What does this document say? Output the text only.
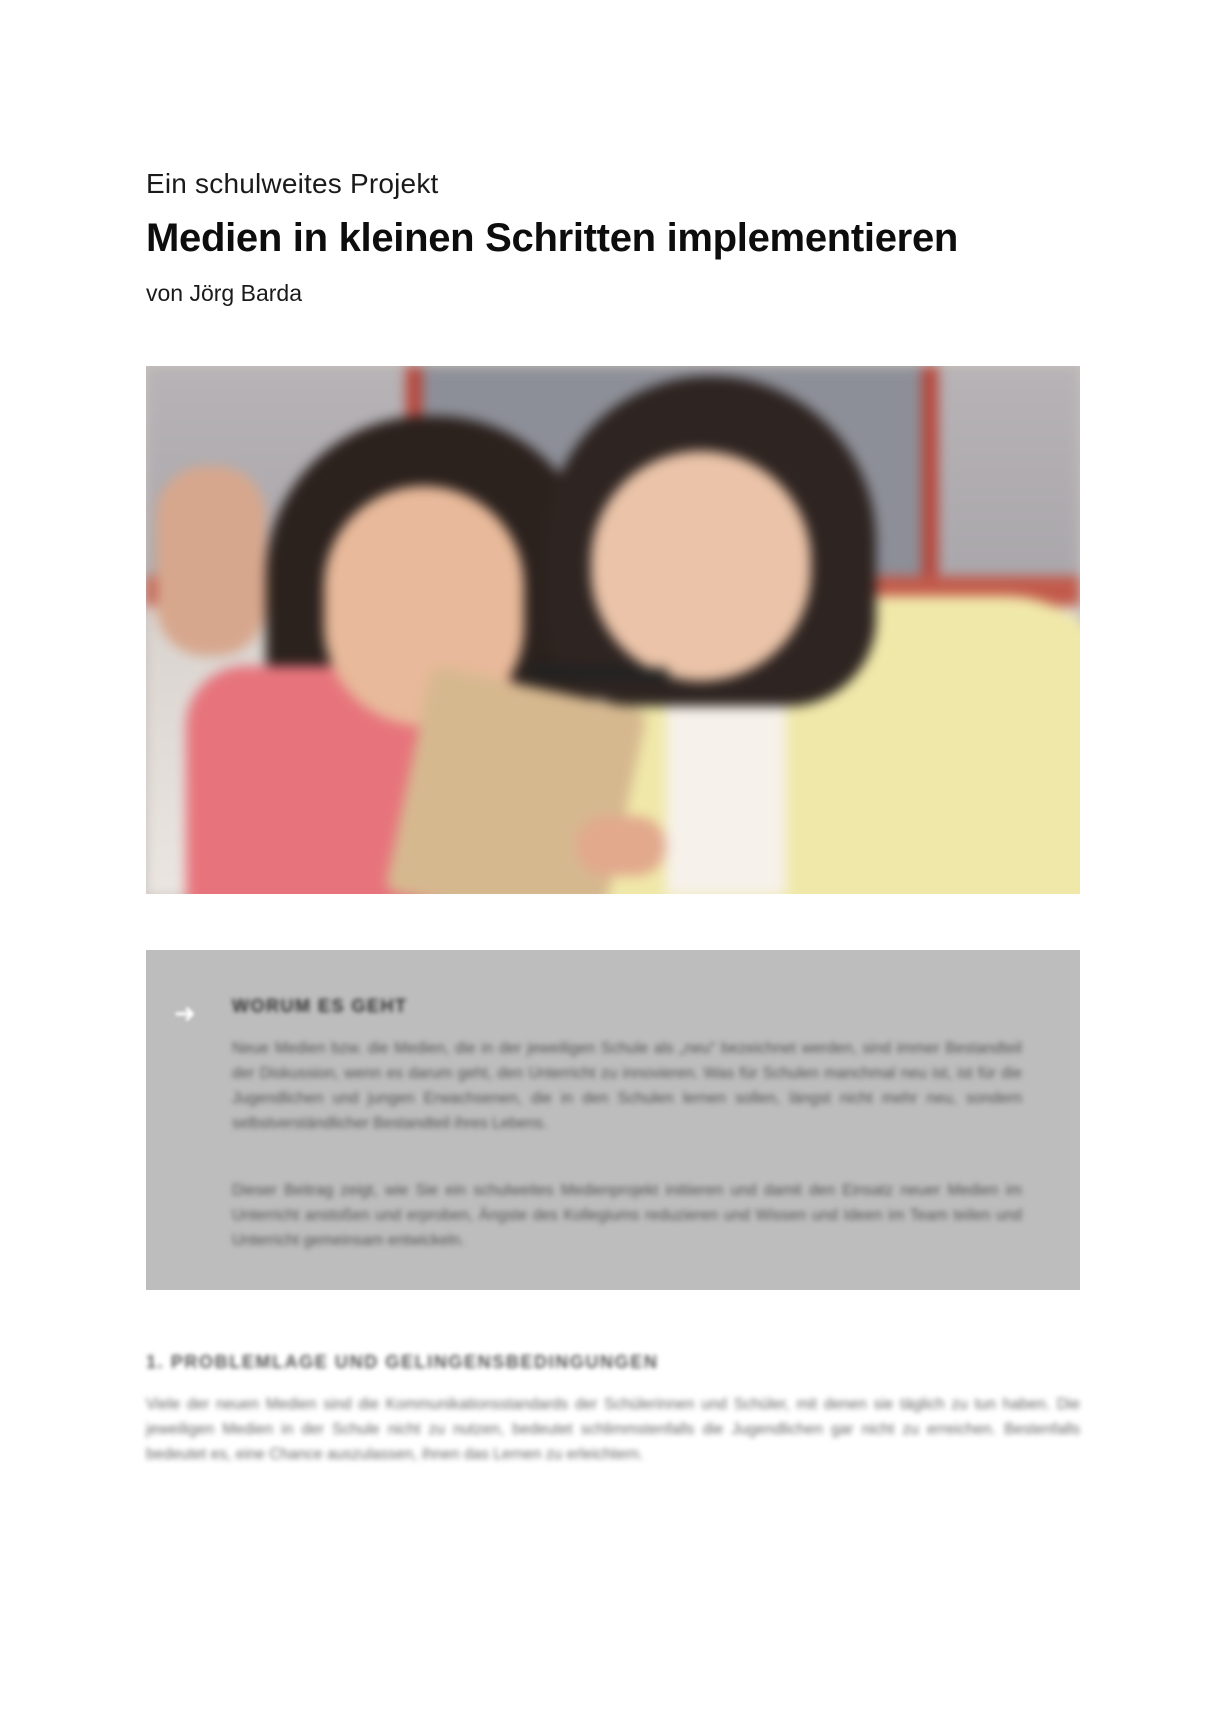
Ein schulweites Projekt
Medien in kleinen Schritten implementieren
von Jörg Barda
➜ WORUM ES GEHT
Neue Medien bzw. die Medien, die in der jeweiligen Schule als „neu“ bezeichnet werden, sind immer Bestandteil der Diskussion, wenn es darum geht, den Unterricht zu innovieren. Was für Schulen manchmal neu ist, ist für die Jugendlichen und jungen Erwachsenen, die in den Schulen lernen sollen, längst nicht mehr neu, sondern selbstverständlicher Bestandteil ihres Lebens.
Dieser Beitrag zeigt, wie Sie ein schulweites Medienprojekt initiieren und damit den Einsatz neuer Medien im Unterricht anstoßen und erproben, Ängste des Kollegiums reduzieren und Wissen und Ideen im Team teilen und Unterricht gemeinsam entwickeln.
1. PROBLEMLAGE UND GELINGENSBEDINGUNGEN
Viele der neuen Medien sind die Kommunikationsstandards der Schülerinnen und Schüler, mit denen sie täglich zu tun haben. Die jeweiligen Medien in der Schule nicht zu nutzen, bedeutet schlimmstenfalls die Jugendlichen gar nicht zu erreichen. Bestenfalls bedeutet es, eine Chance auszulassen, ihnen das Lernen zu erleichtern.
